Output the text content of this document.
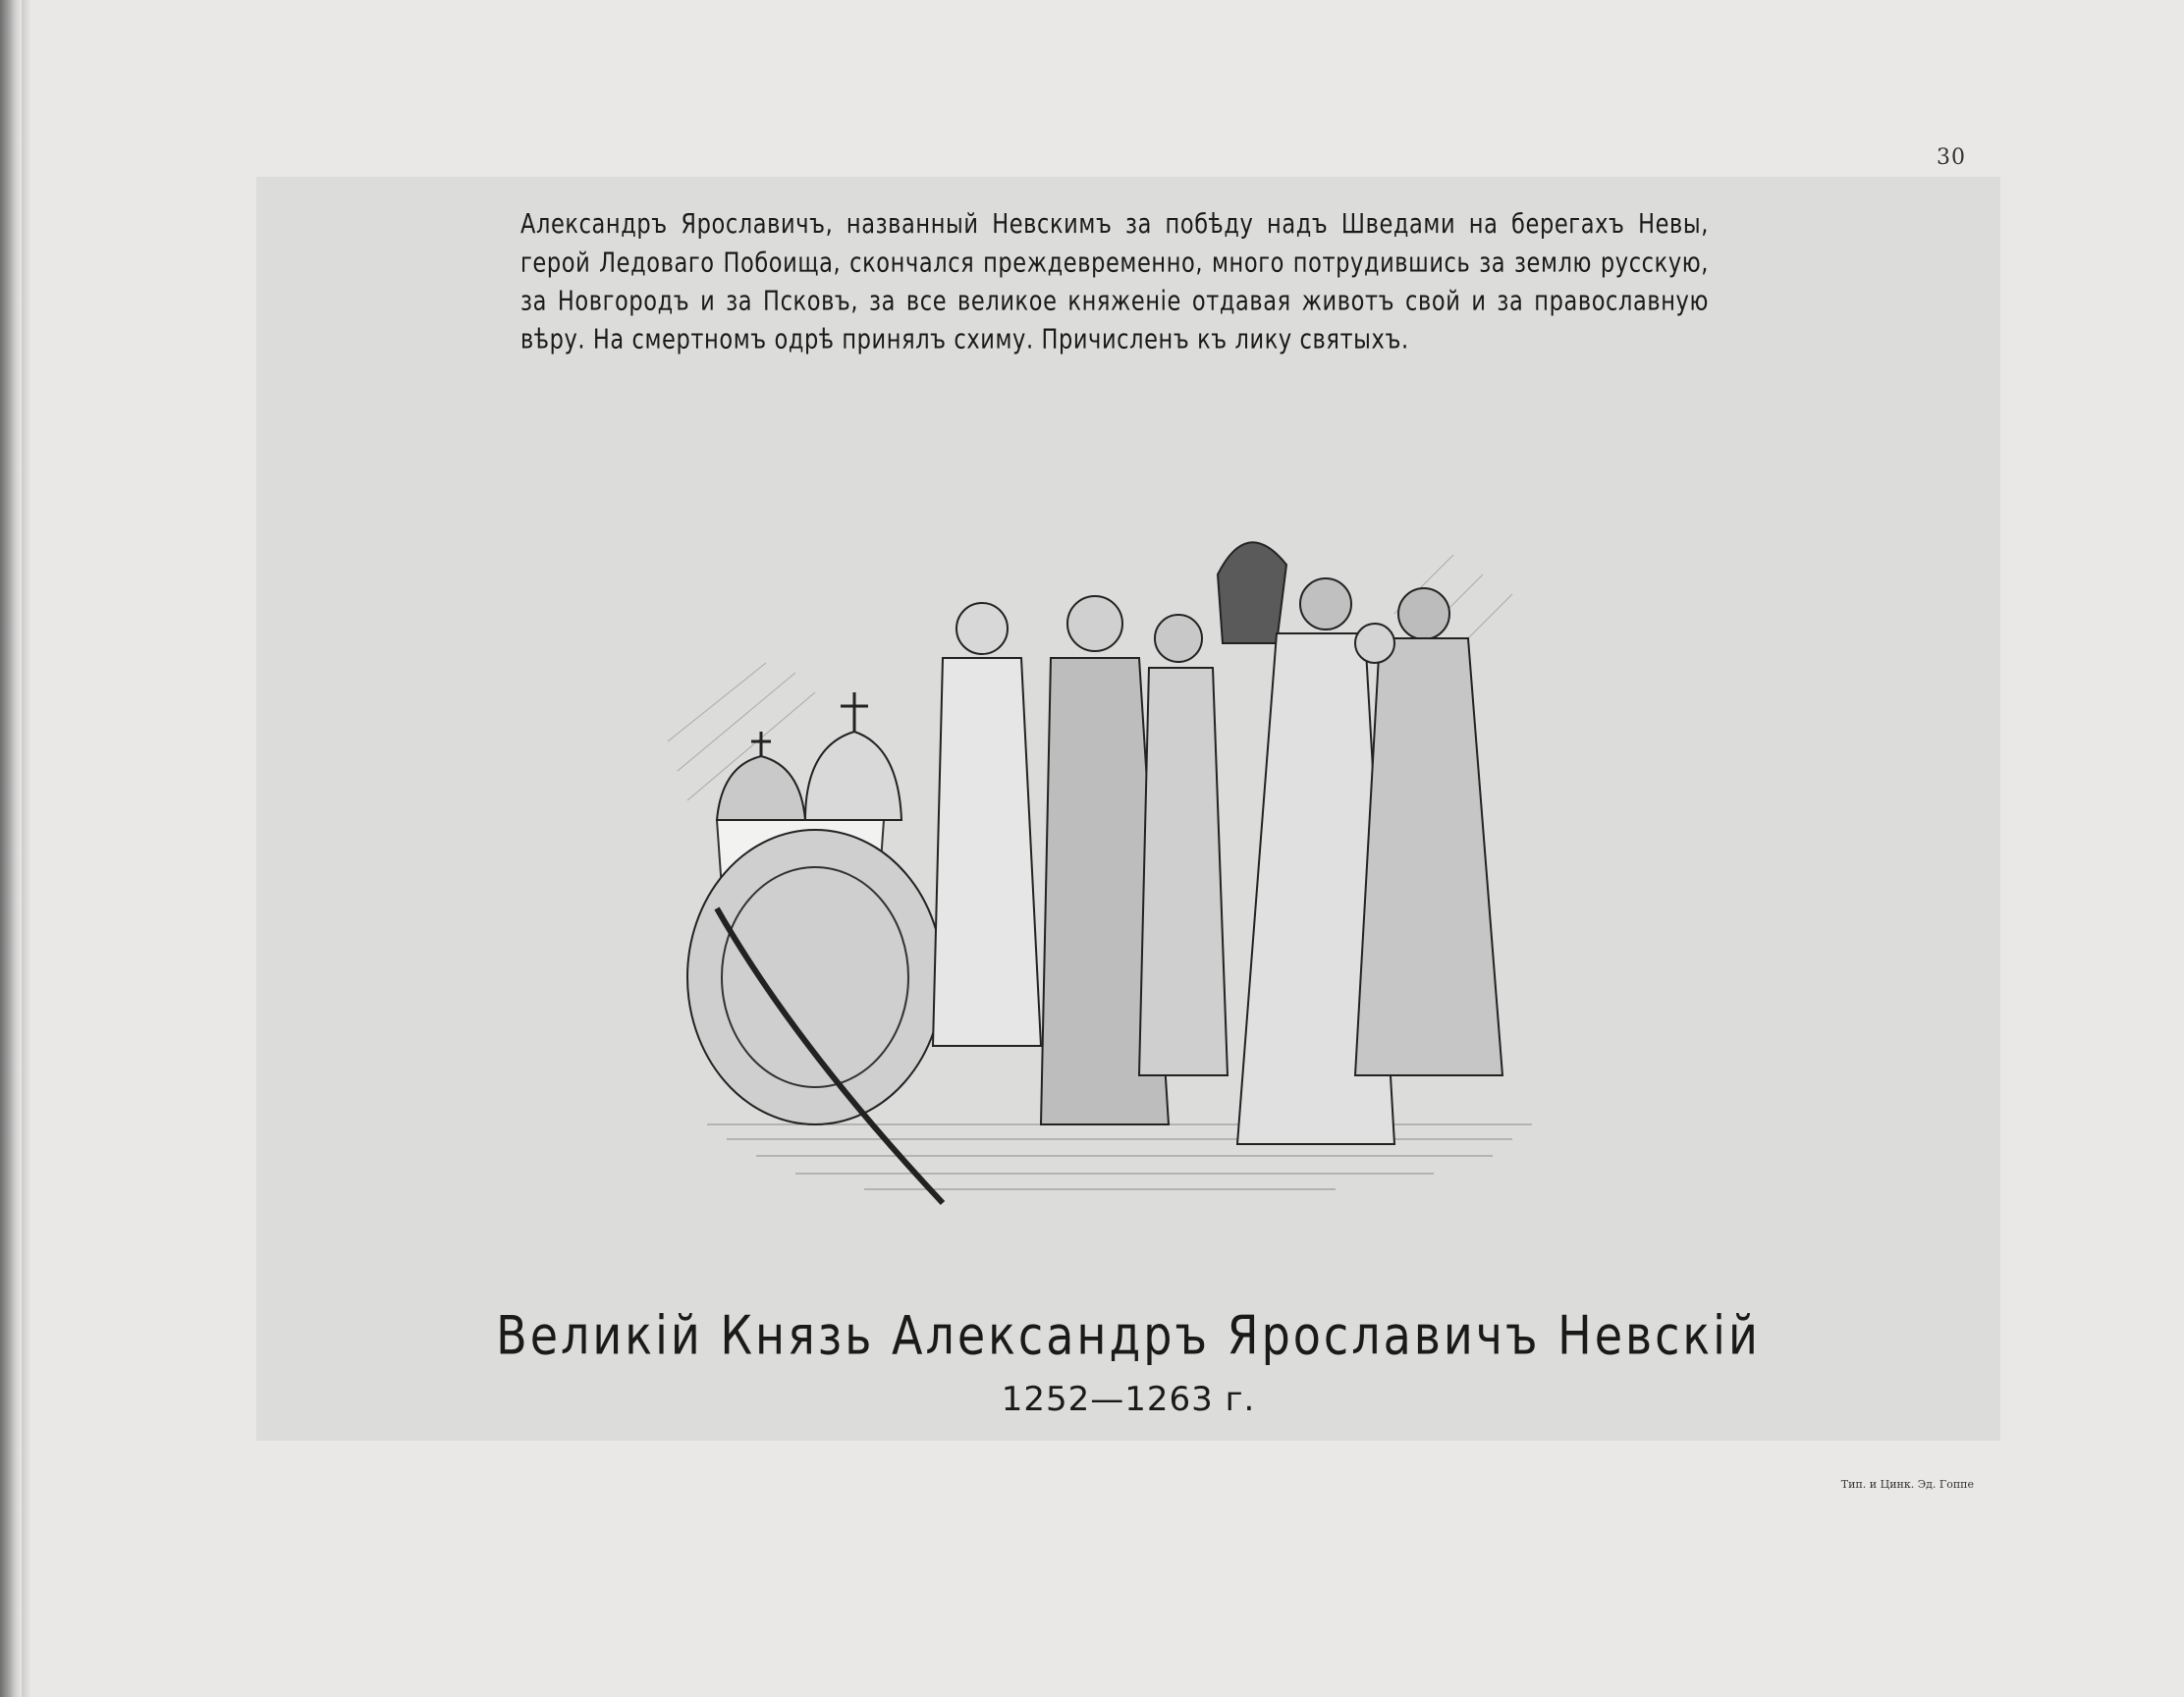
30
Александръ Ярославичъ, названный Невскимъ за побѣду надъ Шведами на берегахъ Невы, герой Ледоваго Побоища, скончался преждевременно, много потрудившись за землю русскую, за Новгородъ и за Псковъ, за все великое княженіе отдавая животъ свой и за православную вѣру. На смертномъ одрѣ принялъ схиму. Причисленъ къ лику святыхъ.
Великій Князь Александръ Ярославичъ Невскій
1252—1263 г.
Тип. и Цинк. Эд. Гоппе
